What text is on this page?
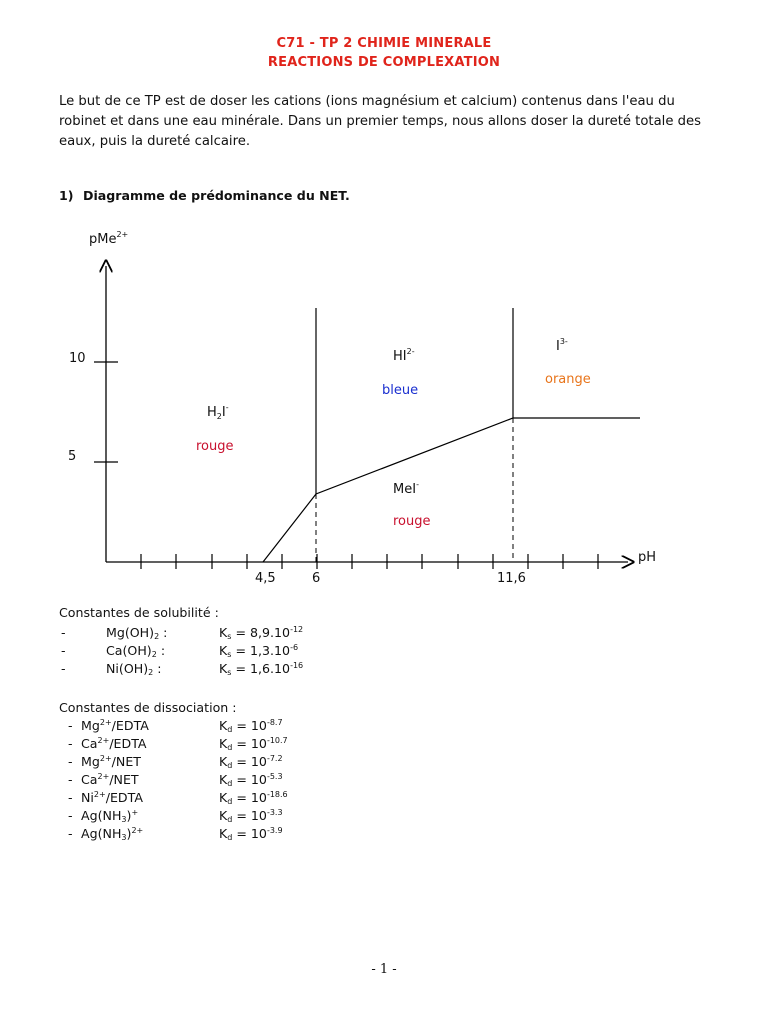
C71 - TP 2 CHIMIE MINERALE
REACTIONS DE COMPLEXATION
Le but de ce TP est de doser les cations (ions magnésium et calcium) contenus dans l'eau du robinet et dans une eau minérale. Dans un premier temps, nous allons doser la dureté totale des eaux, puis la dureté calcaire.
1) Diagramme de prédominance du NET.
pMe$^{2+}$
pH
10
5
4,5	6	11,6
$H_2I^-$
rouge
$HI^{2-}$
bleue
$I^{3-}$
orange
MeI-
rouge
Constantes de solubilité :
-	$Mg(OH)_2$ :	$K_s = 8,9.10^{-12}$
-	$Ca(OH)_2$ :	$K_s = 1,3.10^{-6}$
-	$Ni(OH)_2$ :	$K_s = 1,6.10^{-16}$
Constantes de dissociation :
- $Mg^{2+}$/EDTA	$K_d = 10^{-8.7}$
- $Ca^{2+}$/EDTA	$K_d = 10^{-10.7}$
- $Mg^{2+}$/NET	$K_d = 10^{-7.2}$
- $Ca^{2+}$/NET	$K_d = 10^{-5.3}$
- $Ni^{2+}$/EDTA	$K_d = 10^{-18.6}$
- $Ag(NH_3)^+$	$K_d = 10^{-3.3}$
- $Ag(NH_3)^{2+}$	$K_d = 10^{-3.9}$
- 1 -
